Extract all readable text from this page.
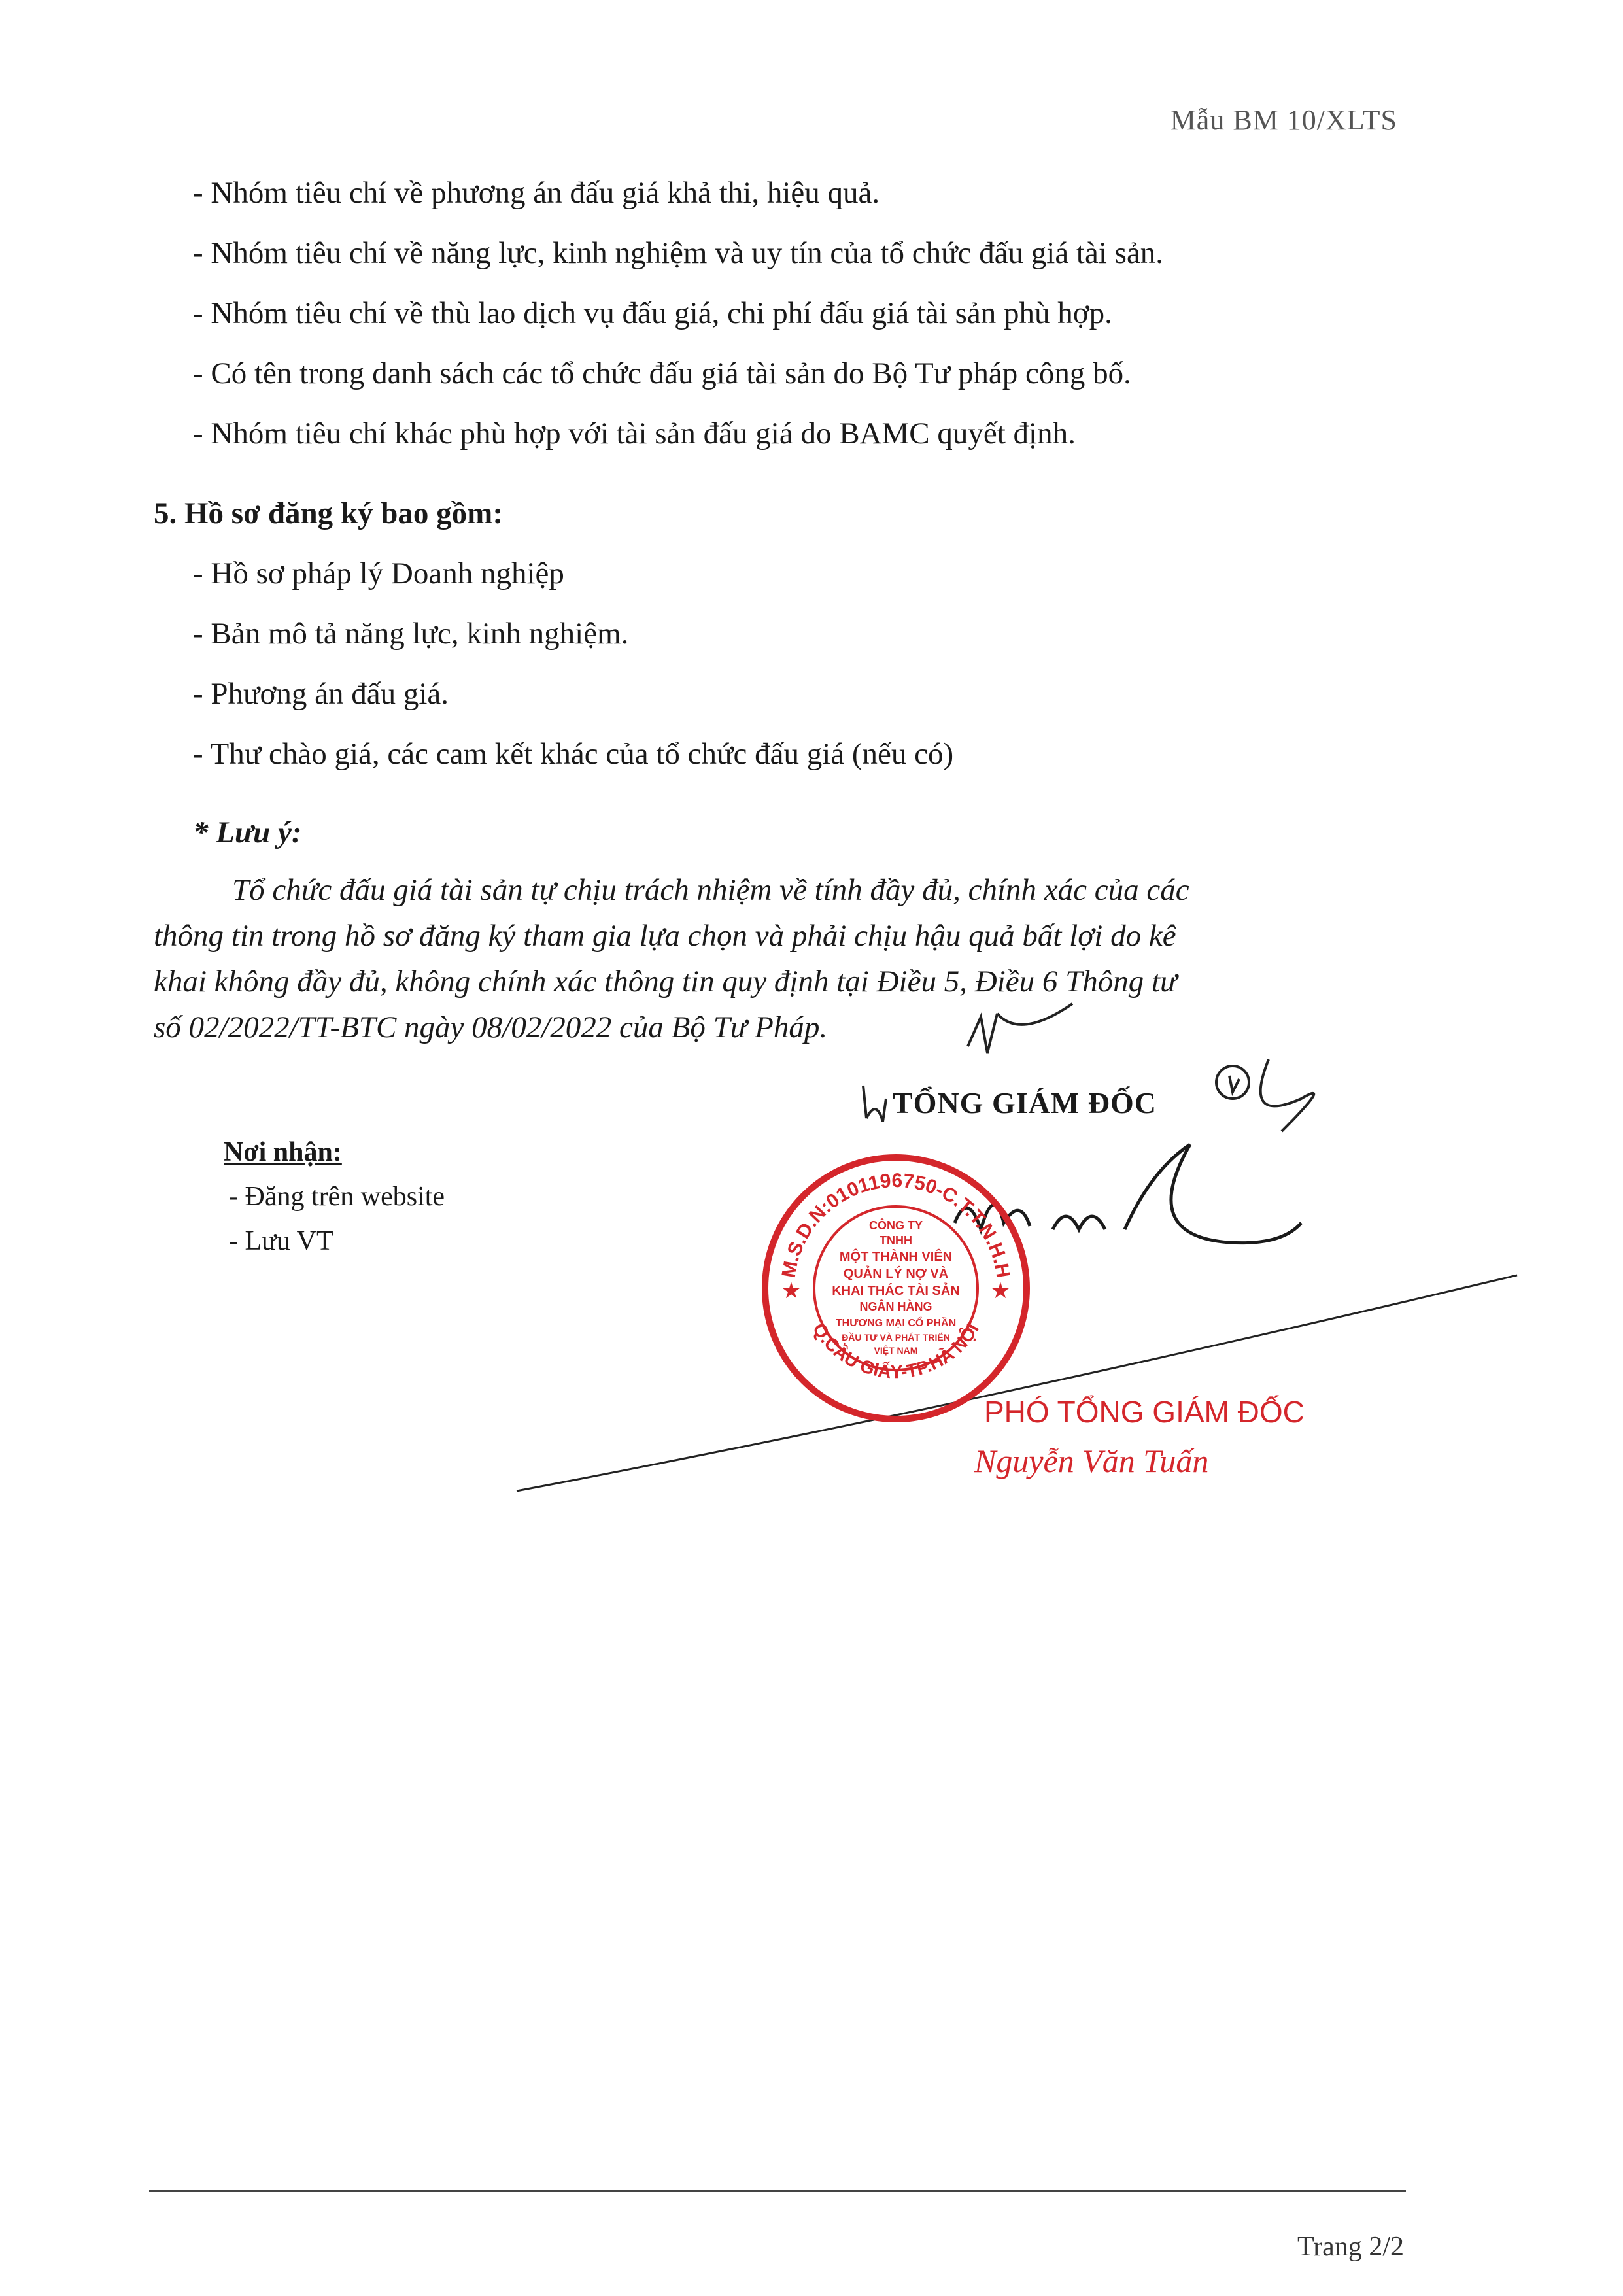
Mẫu BM 10/XLTS
- Nhóm tiêu chí về phương án đấu giá khả thi, hiệu quả.
- Nhóm tiêu chí về năng lực, kinh nghiệm và uy tín của tổ chức đấu giá tài sản.
- Nhóm tiêu chí về thù lao dịch vụ đấu giá, chi phí đấu giá tài sản phù hợp.
- Có tên trong danh sách các tổ chức đấu giá tài sản do Bộ Tư pháp công bố.
- Nhóm tiêu chí khác phù hợp với tài sản đấu giá do BAMC quyết định.
5. Hồ sơ đăng ký bao gồm:
- Hồ sơ pháp lý Doanh nghiệp
- Bản mô tả năng lực, kinh nghiệm.
- Phương án đấu giá.
- Thư chào giá, các cam kết khác của tổ chức đấu giá (nếu có)
* Lưu ý:
Tổ chức đấu giá tài sản tự chịu trách nhiệm về tính đầy đủ, chính xác của các
thông tin trong hồ sơ đăng ký tham gia lựa chọn và phải chịu hậu quả bất lợi do kê
khai không đầy đủ, không chính xác thông tin quy định tại Điều 5, Điều 6 Thông tư
số 02/2022/TT-BTC ngày 08/02/2022 của Bộ Tư Pháp.
TỔNG GIÁM ĐỐC
Nơi nhận:
- Đăng trên website
- Lưu VT
M.S.D.N:0101196750-C.T.T.N.H.H
Q.CẦU GIẤY-TP.HÀ NỘI
★	★
CÔNG TY
TNHH
MỘT THÀNH VIÊN
QUẢN LÝ NỢ VÀ
KHAI THÁC TÀI SẢN
NGÂN HÀNG
THƯƠNG MẠI CỔ PHẦN
ĐẦU TƯ VÀ PHÁT TRIỂN
VIỆT NAM
PHÓ TỔNG GIÁM ĐỐC
Nguyễn Văn Tuấn
Trang 2/2
